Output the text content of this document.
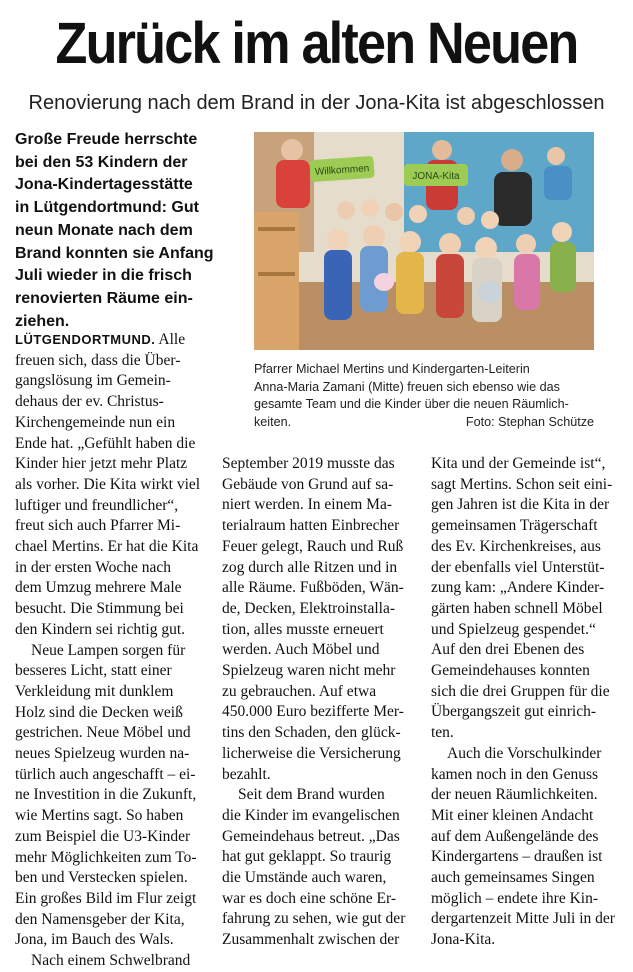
Zurück im alten Neuen
Renovierung nach dem Brand in der Jona-Kita ist abgeschlossen
Große Freude herrschte
bei den 53 Kindern der
Jona-Kindertagesstätte
in Lütgendortmund: Gut
neun Monate nach dem
Brand konnten sie Anfang
Juli wieder in die frisch
renovierten Räume ein-
ziehen.
Willkommen	JONA-Kita
Pfarrer Michael Mertins und Kindergarten-Leiterin
Anna-Maria Zamani (Mitte) freuen sich ebenso wie das
gesamte Team und die Kinder über die neuen Räumlich-
keiten.	Foto: Stephan Schütze
LÜTGENDORTMUND. Alle
freuen sich, dass die Über-
gangslösung im Gemein-
dehaus der ev. Christus-
Kirchengemeinde nun ein
Ende hat. „Gefühlt haben die
Kinder hier jetzt mehr Platz
als vorher. Die Kita wirkt viel
luftiger und freundlicher“,
freut sich auch Pfarrer Mi-
chael Mertins. Er hat die Kita
in der ersten Woche nach
dem Umzug mehrere Male
besucht. Die Stimmung bei
den Kindern sei richtig gut.
Neue Lampen sorgen für
besseres Licht, statt einer
Verkleidung mit dunklem
Holz sind die Decken weiß
gestrichen. Neue Möbel und
neues Spielzeug wurden na-
türlich auch angeschafft – ei-
ne Investition in die Zukunft,
wie Mertins sagt. So haben
zum Beispiel die U3-Kinder
mehr Möglichkeiten zum To-
ben und Verstecken spielen.
Ein großes Bild im Flur zeigt
den Namensgeber der Kita,
Jona, im Bauch des Wals.
Nach einem Schwelbrand
September 2019 musste das
Gebäude von Grund auf sa-
niert werden. In einem Ma-
terialraum hatten Einbrecher
Feuer gelegt, Rauch und Ruß
zog durch alle Ritzen und in
alle Räume. Fußböden, Wän-
de, Decken, Elektroinstalla-
tion, alles musste erneuert
werden. Auch Möbel und
Spielzeug waren nicht mehr
zu gebrauchen. Auf etwa
450.000 Euro bezifferte Mer-
tins den Schaden, den glück-
licherweise die Versicherung
bezahlt.
Seit dem Brand wurden
die Kinder im evangelischen
Gemeindehaus betreut. „Das
hat gut geklappt. So traurig
die Umstände auch waren,
war es doch eine schöne Er-
fahrung zu sehen, wie gut der
Zusammenhalt zwischen der
Kita und der Gemeinde ist“,
sagt Mertins. Schon seit eini-
gen Jahren ist die Kita in der
gemeinsamen Trägerschaft
des Ev. Kirchenkreises, aus
der ebenfalls viel Unterstüt-
zung kam: „Andere Kinder-
gärten haben schnell Möbel
und Spielzeug gespendet.“
Auf den drei Ebenen des
Gemeindehauses konnten
sich die drei Gruppen für die
Übergangszeit gut einrich-
ten.
Auch die Vorschulkinder
kamen noch in den Genuss
der neuen Räumlichkeiten.
Mit einer kleinen Andacht
auf dem Außengelände des
Kindergartens – draußen ist
auch gemeinsames Singen
möglich – endete ihre Kin-
dergartenzeit Mitte Juli in der
Jona-Kita.
